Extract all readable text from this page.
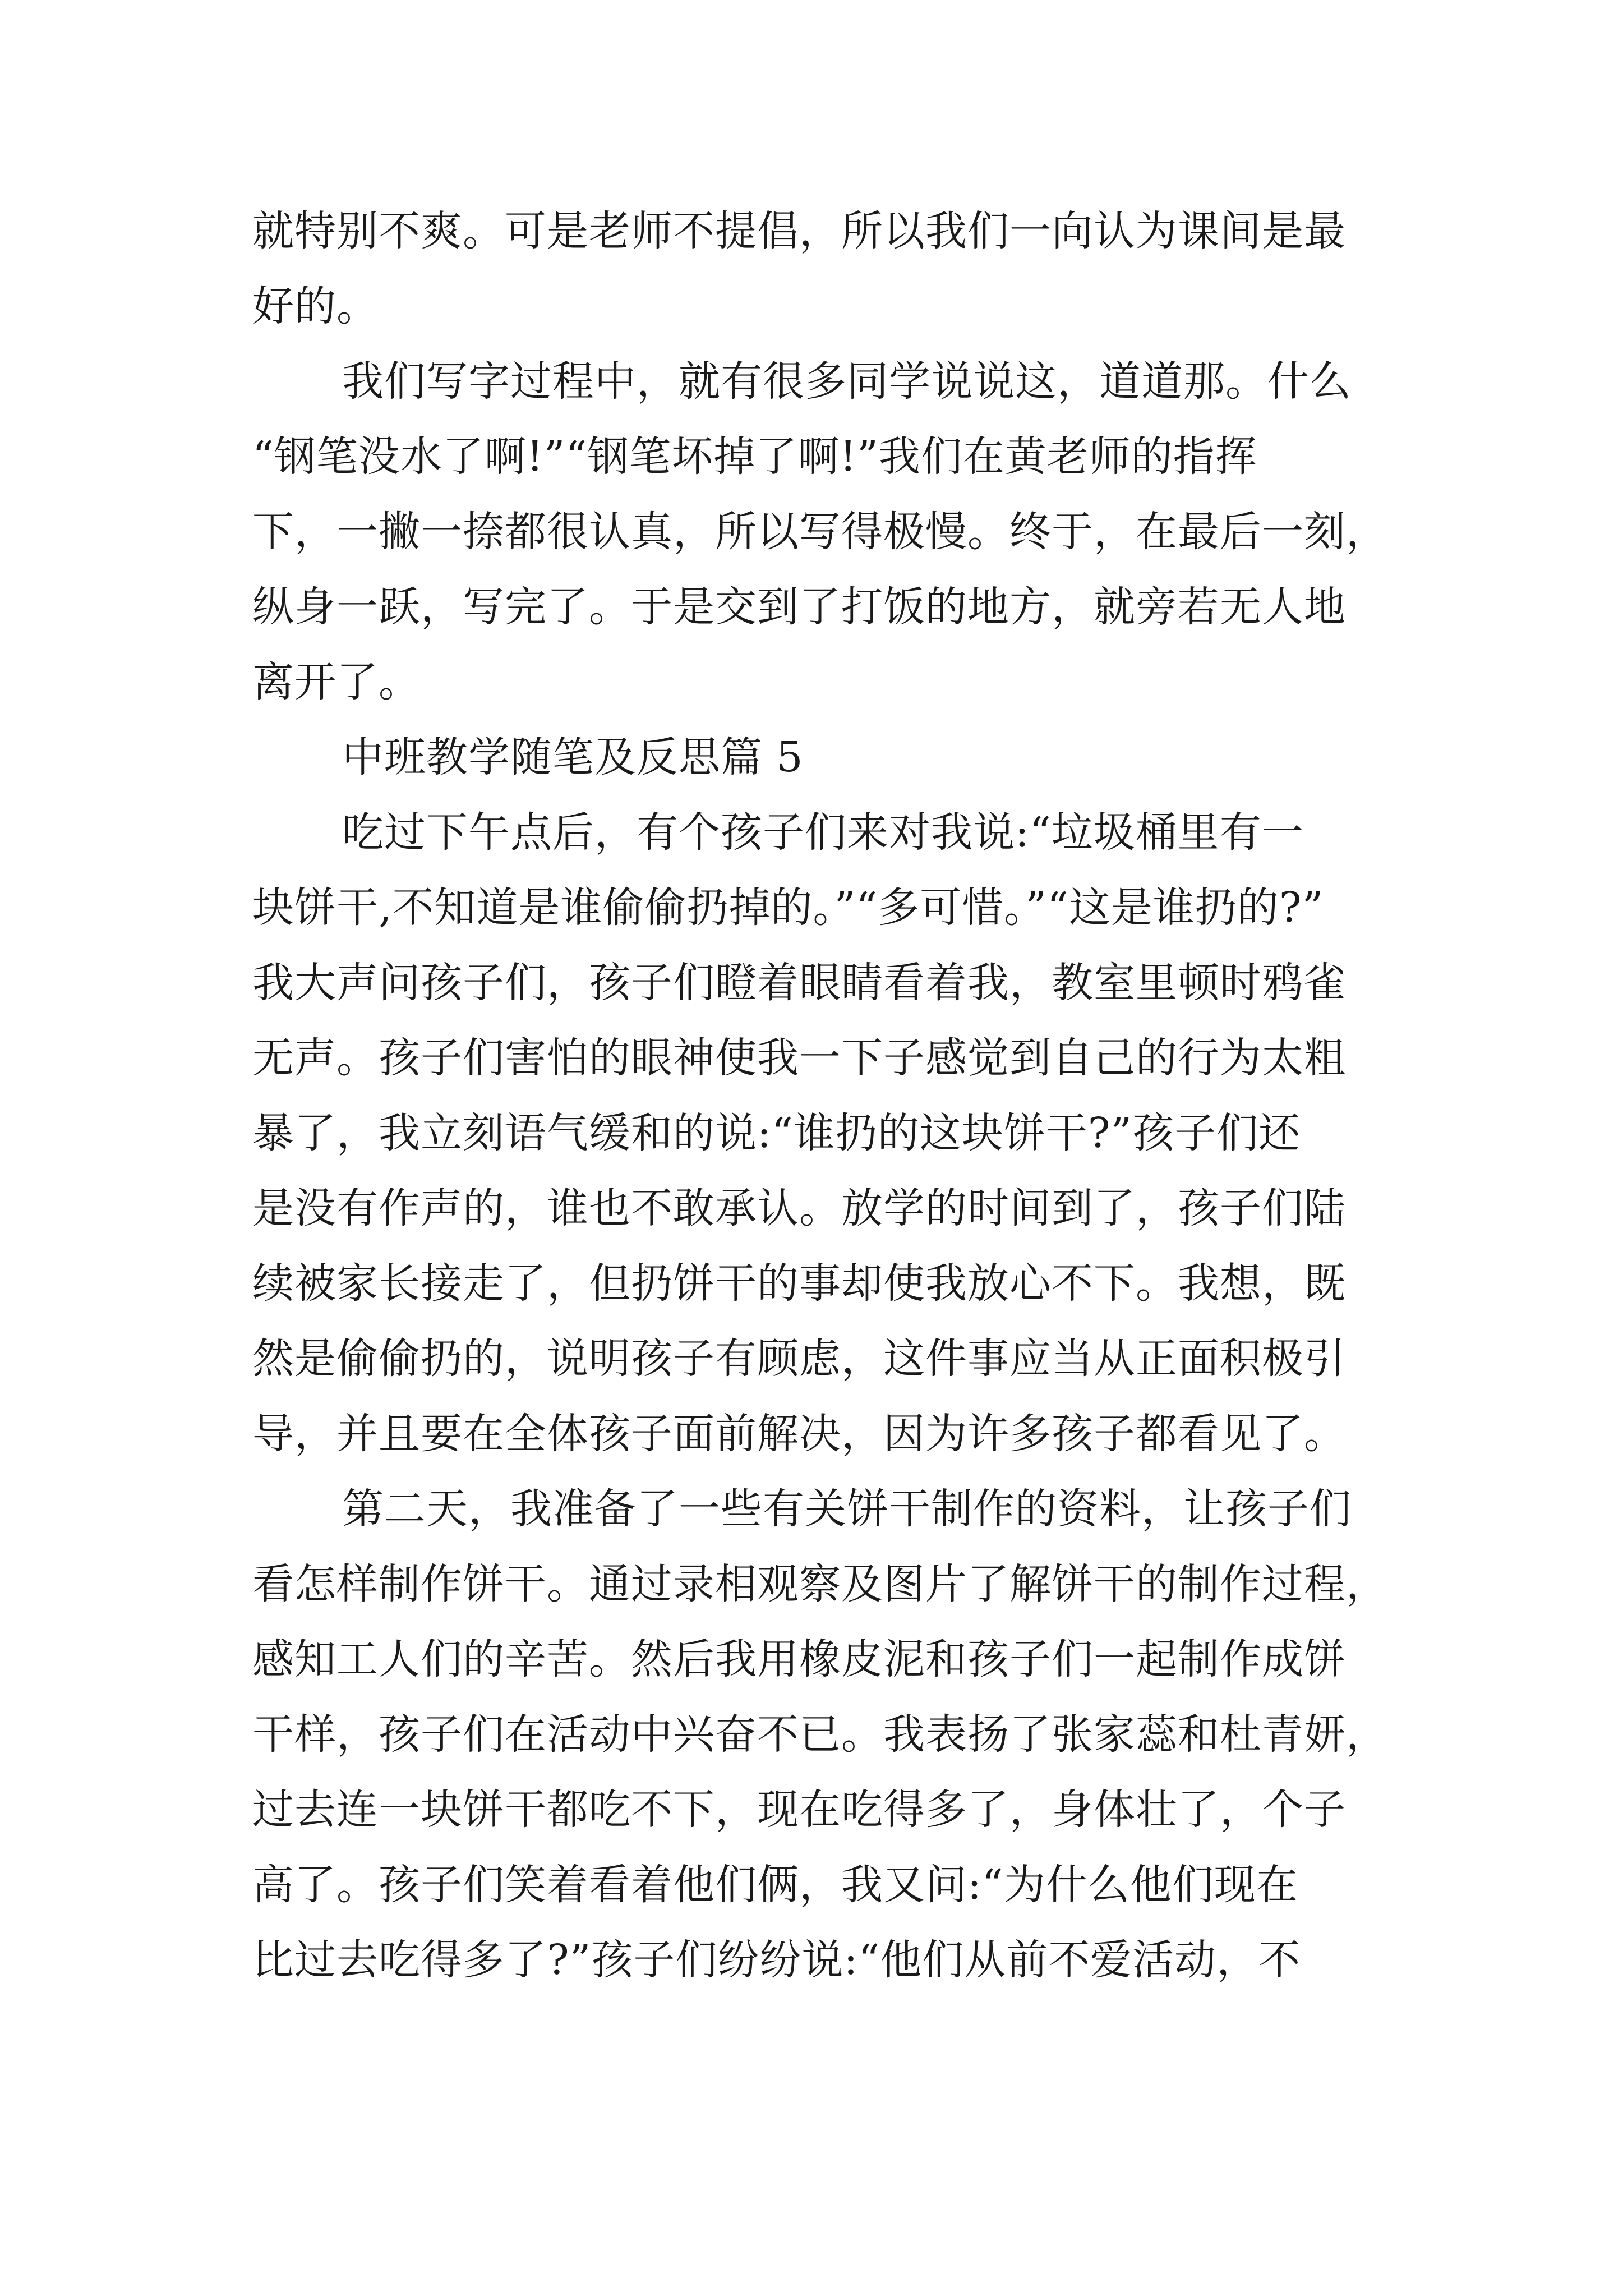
就特别不爽。可是老师不提倡，所以我们一向认为课间是最
好的。
我们写字过程中，就有很多同学说说这，道道那。什么
“钢笔没水了啊!”“钢笔坏掉了啊!”我们在黄老师的指挥
下，一撇一捺都很认真，所以写得极慢。终于，在最后一刻，
纵身一跃，写完了。于是交到了打饭的地方，就旁若无人地
离开了。
中班教学随笔及反思篇 5
吃过下午点后，有个孩子们来对我说:“垃圾桶里有一
块饼干,不知道是谁偷偷扔掉的。”“多可惜。”“这是谁扔的?”
我大声问孩子们，孩子们瞪着眼睛看着我，教室里顿时鸦雀
无声。孩子们害怕的眼神使我一下子感觉到自己的行为太粗
暴了，我立刻语气缓和的说:“谁扔的这块饼干?”孩子们还
是没有作声的，谁也不敢承认。放学的时间到了，孩子们陆
续被家长接走了，但扔饼干的事却使我放心不下。我想，既
然是偷偷扔的，说明孩子有顾虑，这件事应当从正面积极引
导，并且要在全体孩子面前解决，因为许多孩子都看见了。
第二天，我准备了一些有关饼干制作的资料，让孩子们
看怎样制作饼干。通过录相观察及图片了解饼干的制作过程，
感知工人们的辛苦。然后我用橡皮泥和孩子们一起制作成饼
干样，孩子们在活动中兴奋不已。我表扬了张家蕊和杜青妍，
过去连一块饼干都吃不下，现在吃得多了，身体壮了，个子
高了。孩子们笑着看着他们俩，我又问:“为什么他们现在
比过去吃得多了?”孩子们纷纷说:“他们从前不爱活动，不
